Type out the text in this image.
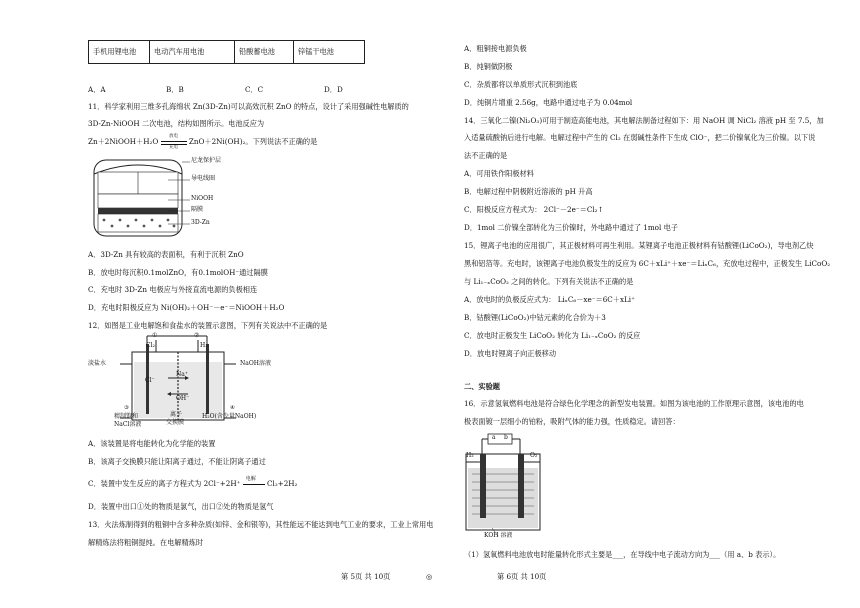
手机用锂电池	电动汽车用电池	铅酸蓄电池	锌锰干电池
A．A	B．B	C．C	D．D
11．科学家利用三维多孔海绵状 Zn(3D-Zn)可以高效沉积 ZnO 的特点，设计了采用强碱性电解质的
3D-Zn-NiOOH 二次电池，结构如图所示。电池反应为
Zn＋2NiOOH＋H₂O
放电
充电
ZnO＋2Ni(OH)₂。下列说法不正确的是
尼龙保护层
导电线圈
NiOOH
隔膜
3D-Zn
A．3D-Zn 具有较高的表面积，有利于沉积 ZnO
B．放电时每沉积0.1molZnO，有0.1molOH⁻通过隔膜
C．充电时 3D-Zn 电极应与外接直流电源的负极相连
D．充电时阳极反应为 Ni(OH)₂＋OH⁻－e⁻＝NiOOH＋H₂O
12．如图是工业电解饱和食盐水的装置示意图，下列有关说法中不正确的是
①	②
Cl₂	H₂
淡盐水	NaOH溶液
Na⁺
Cl⁻
OH⁻
精制饱和
NaCl溶液
离子
交换膜
H₂O(含少量NaOH)
③	④
A．该装置是将电能转化为化学能的装置
B．该离子交换膜只能让阳离子通过，不能让阴离子通过
C．装置中发生反应的离子方程式为 2Cl⁻+2H⁺
电解
Cl₂+2H₂
D．装置中出口①处的物质是氯气，出口②处的物质是氢气
13．火法炼制得到的粗铜中含多种杂质(如锌、金和银等)，其性能远不能达到电气工业的要求，工业上常用电
解精炼法将粗铜提纯。在电解精炼时
A．粗铜接电源负极
B．纯铜做阴极
C．杂质都将以单质形式沉积到池底
D．纯铜片增重 2.56g，电路中通过电子为 0.04mol
14．三氧化二镍(Ni₂O₃)可用于制造高能电池，其电解法制备过程如下：用 NaOH 调 NiCl₂ 溶液 pH 至 7.5，加
入适量硫酸钠后进行电解。电解过程中产生的 Cl₂ 在弱碱性条件下生成 ClO⁻，把二价镍氧化为三价镍。以下说
法不正确的是
A．可用铁作阳极材料
B．电解过程中阴极附近溶液的 pH 升高
C．阳极反应方程式为： 2Cl⁻－2e⁻＝Cl₂↑
D．1mol 二价镍全部转化为三价镍时，外电路中通过了 1mol 电子
15．锂离子电池的应用很广，其正极材料可再生利用。某锂离子电池正极材料有钴酸锂(LiCoO₂)，导电剂乙炔
黑和铝箔等。充电时，该锂离子电池负极发生的反应为 6C＋xLi⁺＋xe⁻＝LiₓC₆，充放电过程中，正极发生 LiCoO₂
与 Li₁₋ₓCoO₂ 之间的转化。下列有关说法不正确的是
A．放电时的负极反应式为： LiₓC₆－xe⁻＝6C＋xLi⁺
B．钴酸锂(LiCoO₂)中钴元素的化合价为＋3
C．放电时正极发生 LiCoO₂ 转化为 Li₁₋ₓCoO₂ 的反应
D．放电时锂离子向正极移动
二、实验题
16．示意氢氧燃料电池是符合绿色化学理念的新型发电装置。如图为该电池的工作原理示意图，该电池的电
极表面镀一层细小的铂粉，吸附气体的能力强，性质稳定。请回答：
a b
H₂	O₂
KOH 溶液
（1）氢氧燃料电池放电时能量转化形式主要是___，在导线中电子流动方向为___（用 a、b 表示）。
第 5页 共 10页	◎	第 6页 共 10页
